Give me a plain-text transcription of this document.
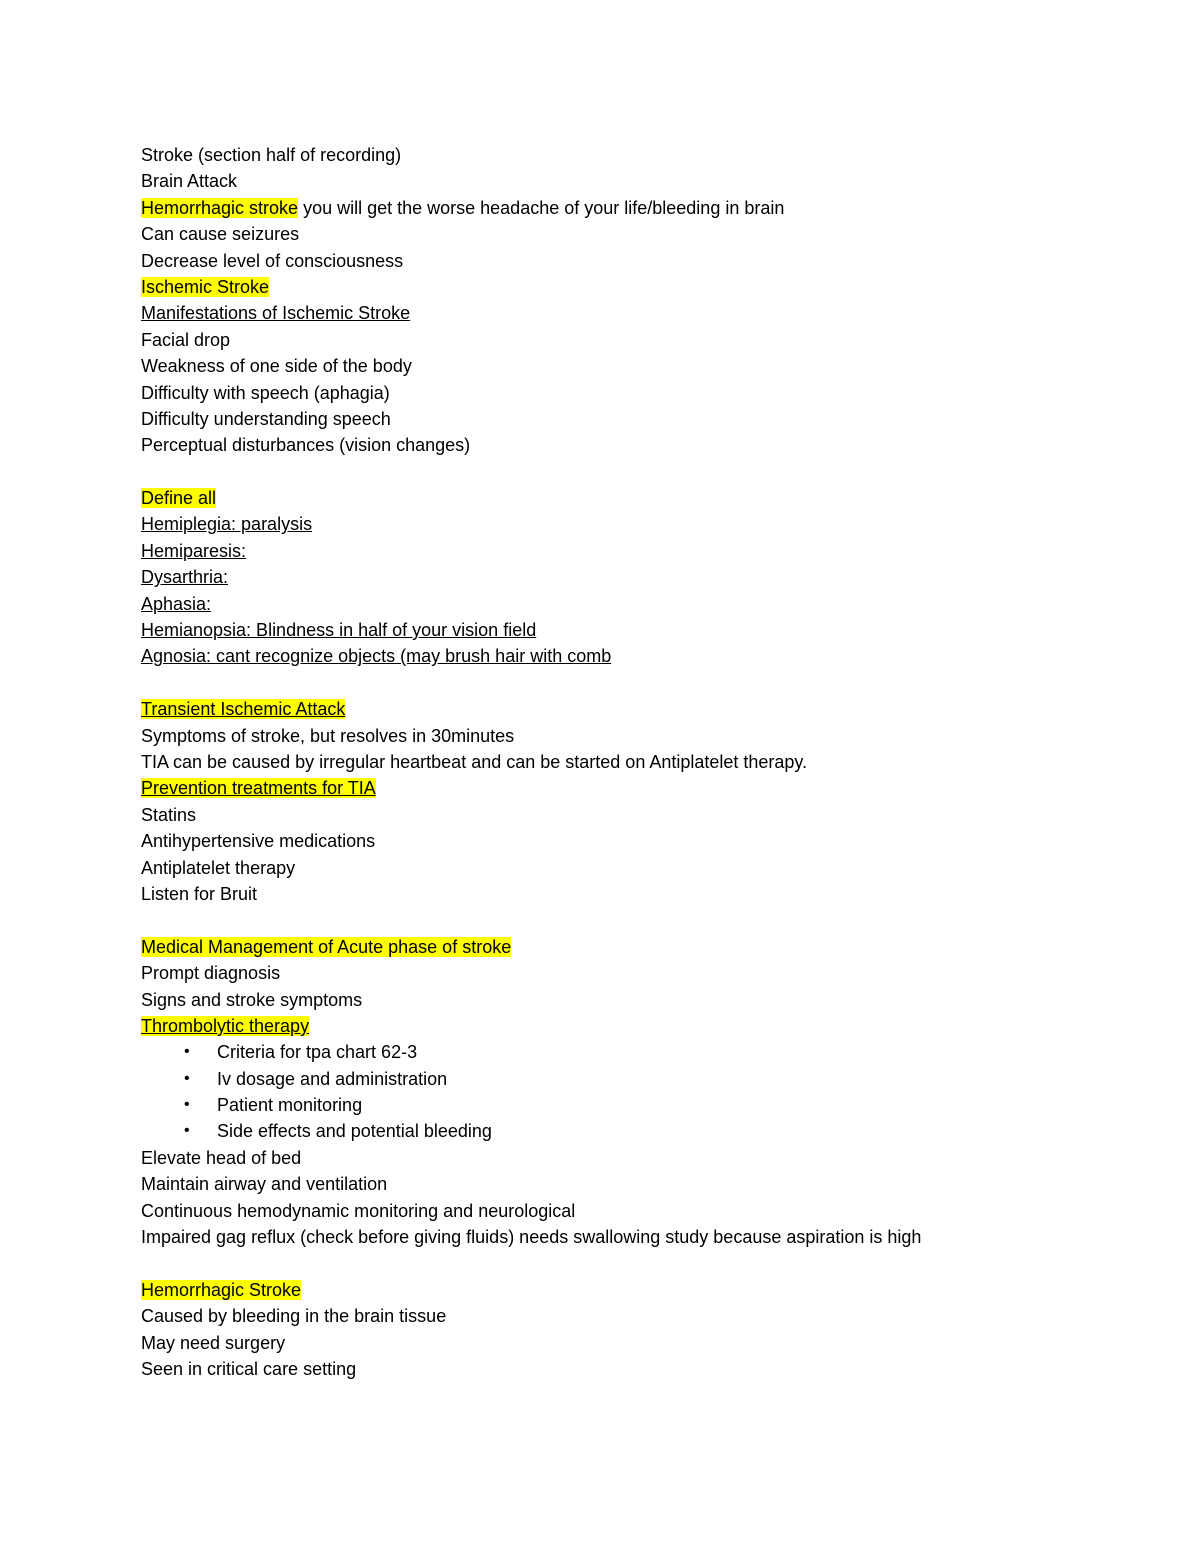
Stroke (section half of recording)
Brain Attack
Hemorrhagic stroke you will get the worse headache of your life/bleeding in brain
Can cause seizures
Decrease level of consciousness
Ischemic Stroke
Manifestations of Ischemic Stroke
Facial drop
Weakness of one side of the body
Difficulty with speech (aphagia)
Difficulty understanding speech
Perceptual disturbances (vision changes)
Define all
Hemiplegia: paralysis
Hemiparesis:
Dysarthria:
Aphasia:
Hemianopsia: Blindness in half of your vision field
Agnosia: cant recognize objects (may brush hair with comb
Transient Ischemic Attack
Symptoms of stroke, but resolves in 30minutes
TIA can be caused by irregular heartbeat and can be started on Antiplatelet therapy.
Prevention treatments for TIA
Statins
Antihypertensive medications
Antiplatelet therapy
Listen for Bruit
Medical Management of Acute phase of stroke
Prompt diagnosis
Signs and stroke symptoms
Thrombolytic therapy
• Criteria for tpa chart 62-3
• Iv dosage and administration
• Patient monitoring
• Side effects and potential bleeding
Elevate head of bed
Maintain airway and ventilation
Continuous hemodynamic monitoring and neurological
Impaired gag reflux (check before giving fluids) needs swallowing study because aspiration is high
Hemorrhagic Stroke
Caused by bleeding in the brain tissue
May need surgery
Seen in critical care setting
